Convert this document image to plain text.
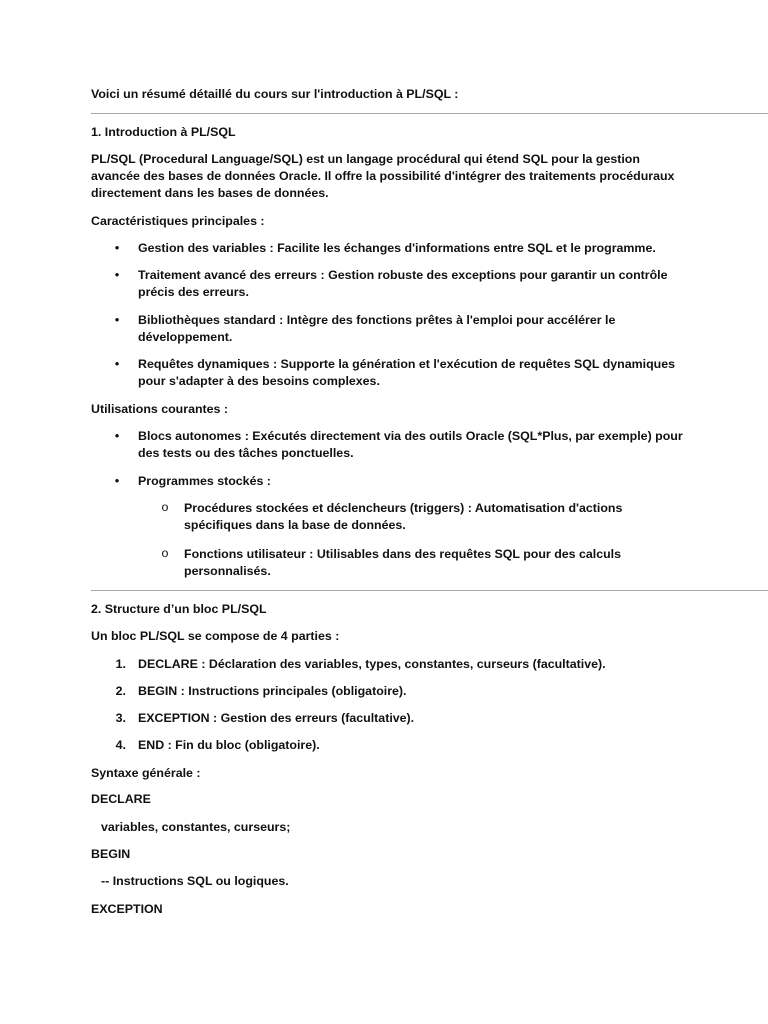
Voici un résumé détaillé du cours sur l'introduction à PL/SQL :

1. Introduction à PL/SQL

PL/SQL (Procedural Language/SQL) est un langage procédural qui étend SQL pour la gestion

avancée des bases de données Oracle. Il offre la possibilité d'intégrer des traitements procéduraux

directement dans les bases de données.

Caractéristiques principales :

• Gestion des variables : Facilite les échanges d'informations entre SQL et le programme.
• Traitement avancé des erreurs : Gestion robuste des exceptions pour garantir un contrôle
précis des erreurs.
• Bibliothèques standard : Intègre des fonctions prêtes à l'emploi pour accélérer le
développement.
• Requêtes dynamiques : Supporte la génération et l'exécution de requêtes SQL dynamiques
pour s'adapter à des besoins complexes.

Utilisations courantes :

• Blocs autonomes : Exécutés directement via des outils Oracle (SQL*Plus, par exemple) pour
des tests ou des tâches ponctuelles.
• Programmes stockés :
o Procédures stockées et déclencheurs (triggers) : Automatisation d'actions
spécifiques dans la base de données.
o Fonctions utilisateur : Utilisables dans des requêtes SQL pour des calculs
personnalisés.

2. Structure d’un bloc PL/SQL

Un bloc PL/SQL se compose de 4 parties :

1. DECLARE : Déclaration des variables, types, constantes, curseurs (facultative).
2. BEGIN : Instructions principales (obligatoire).
3. EXCEPTION : Gestion des erreurs (facultative).
4. END : Fin du bloc (obligatoire).

Syntaxe générale :

DECLARE

variables, constantes, curseurs;

BEGIN

-- Instructions SQL ou logiques.

EXCEPTION
